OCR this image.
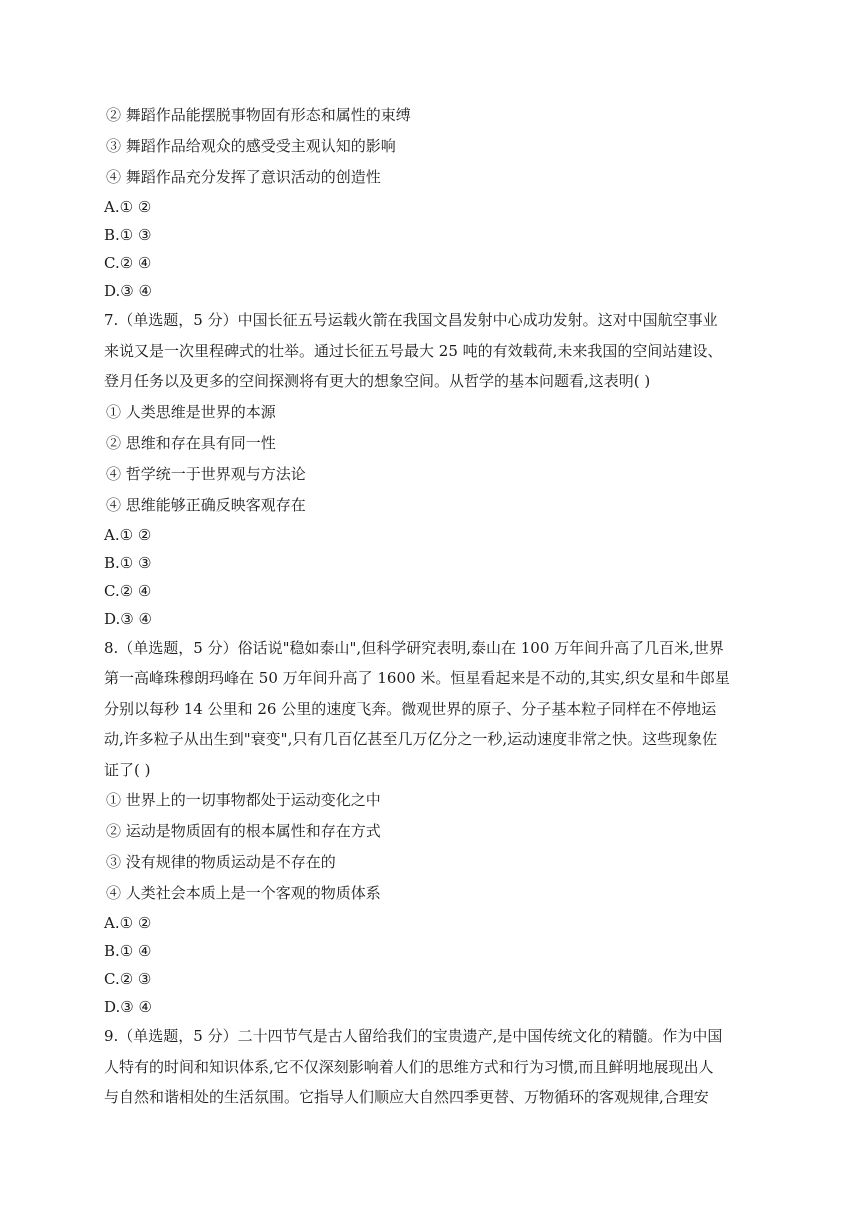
② 舞蹈作品能摆脱事物固有形态和属性的束缚
③ 舞蹈作品给观众的感受受主观认知的影响
④ 舞蹈作品充分发挥了意识活动的创造性
A.① ②
B.① ③
C.② ④
D.③ ④
7.（单选题，5 分）中国长征五号运载火箭在我国文昌发射中心成功发射。这对中国航空事业
来说又是一次里程碑式的壮举。通过长征五号最大 25 吨的有效载荷,未来我国的空间站建设、
登月任务以及更多的空间探测将有更大的想象空间。从哲学的基本问题看,这表明( )
① 人类思维是世界的本源
② 思维和存在具有同一性
④ 哲学统一于世界观与方法论
④ 思维能够正确反映客观存在
A.① ②
B.① ③
C.② ④
D.③ ④
8.（单选题，5 分）俗话说"稳如泰山",但科学研究表明,泰山在 100 万年间升高了几百米,世界
第一高峰珠穆朗玛峰在 50 万年间升高了 1600 米。恒星看起来是不动的,其实,织女星和牛郎星
分别以每秒 14 公里和 26 公里的速度飞奔。微观世界的原子、分子基本粒子同样在不停地运
动,许多粒子从出生到"衰变",只有几百亿甚至几万亿分之一秒,运动速度非常之快。这些现象佐
证了( )
① 世界上的一切事物都处于运动变化之中
② 运动是物质固有的根本属性和存在方式
③ 没有规律的物质运动是不存在的
④ 人类社会本质上是一个客观的物质体系
A.① ②
B.① ④
C.② ③
D.③ ④
9.（单选题，5 分）二十四节气是古人留给我们的宝贵遗产,是中国传统文化的精髓。作为中国
人特有的时间和知识体系,它不仅深刻影响着人们的思维方式和行为习惯,而且鲜明地展现出人
与自然和谐相处的生活氛围。它指导人们顺应大自然四季更替、万物循环的客观规律,合理安
